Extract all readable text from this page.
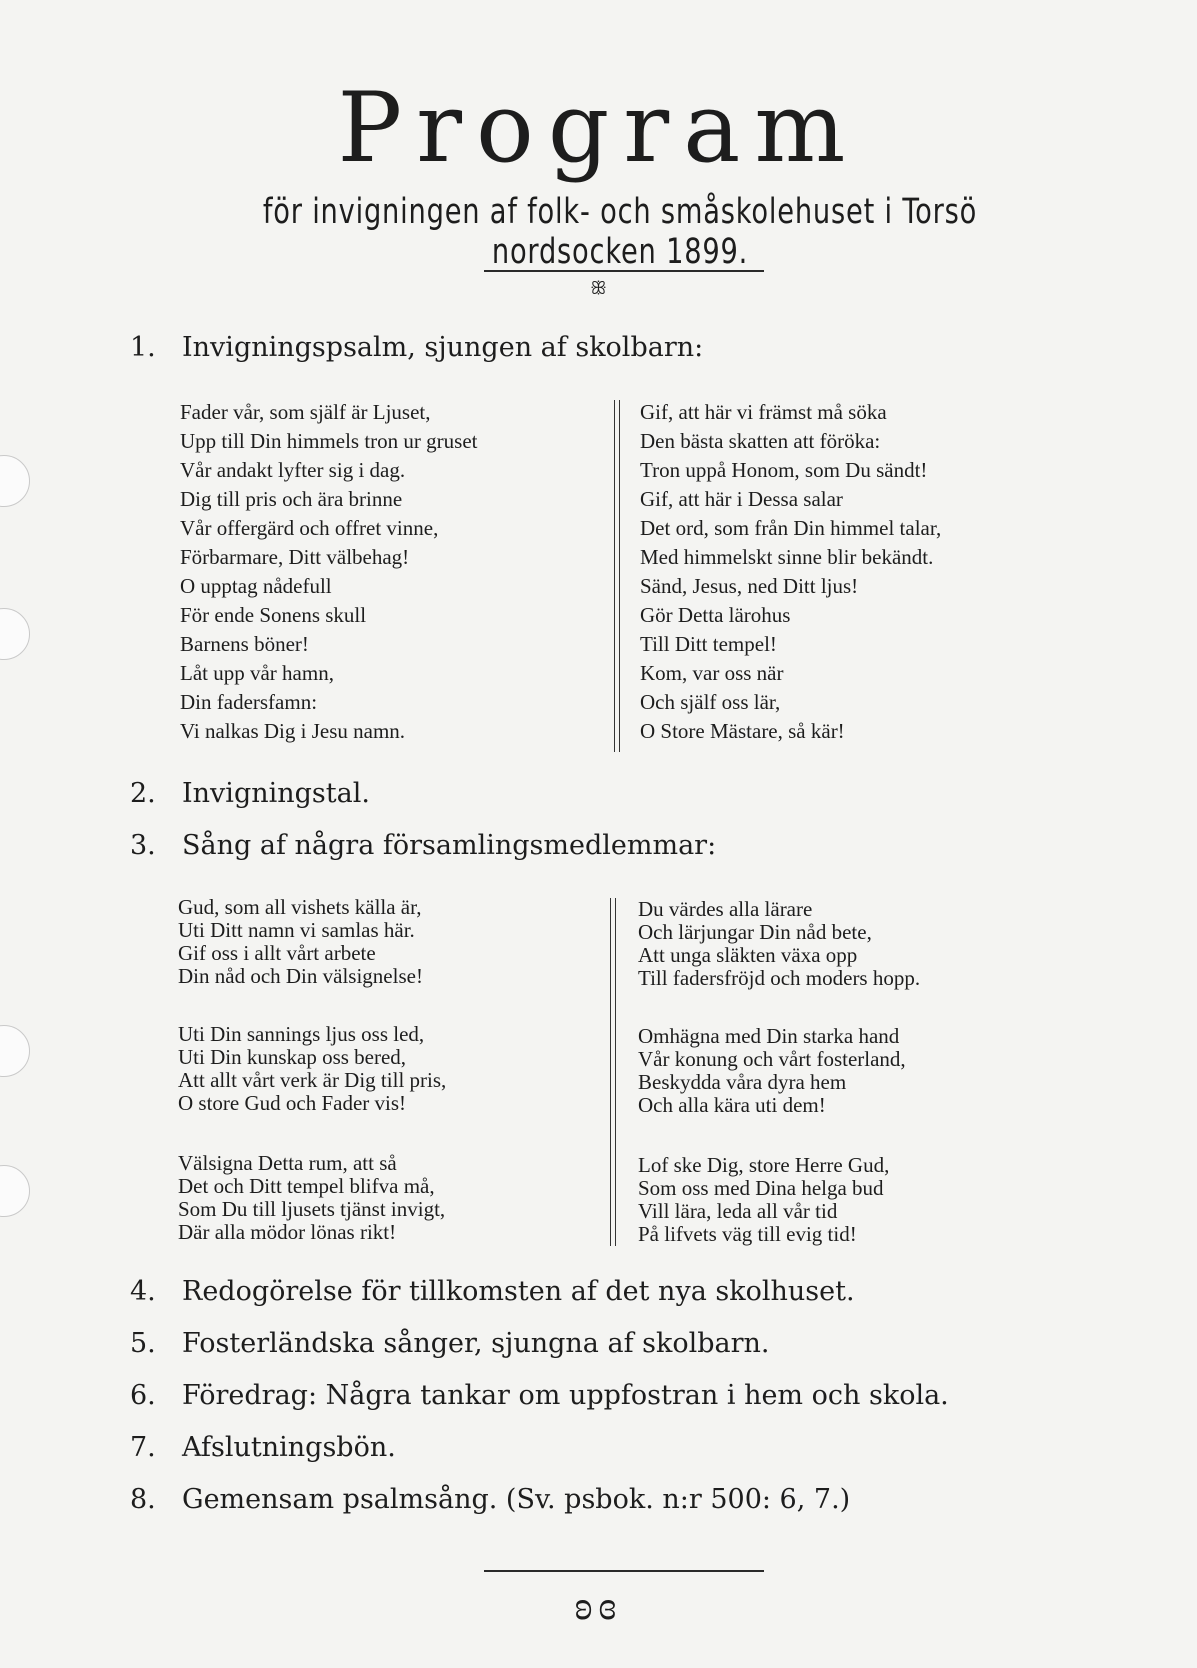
Program
för invigningen af folk- och småskolehuset i Torsö nordsocken 1899.
ꕥ
1. Invigningspsalm, sjungen af skolbarn:
Fader vår, som själf är Ljuset,
Upp till Din himmels tron ur gruset
Vår andakt lyfter sig i dag.
Dig till pris och ära brinne
Vår offergärd och offret vinne,
Förbarmare, Ditt välbehag!
O upptag nådefull
För ende Sonens skull
Barnens böner!
Låt upp vår hamn,
Din fadersfamn:
Vi nalkas Dig i Jesu namn.
Gif, att här vi främst må söka
Den bästa skatten att föröka:
Tron uppå Honom, som Du sändt!
Gif, att här i Dessa salar
Det ord, som från Din himmel talar,
Med himmelskt sinne blir bekändt.
Sänd, Jesus, ned Ditt ljus!
Gör Detta lärohus
Till Ditt tempel!
Kom, var oss när
Och själf oss lär,
O Store Mästare, så kär!
2. Invigningstal.
3. Sång af några församlingsmedlemmar:
Gud, som all vishets källa är,
Uti Ditt namn vi samlas här.
Gif oss i allt vårt arbete
Din nåd och Din välsignelse!
Uti Din sannings ljus oss led,
Uti Din kunskap oss bered,
Att allt vårt verk är Dig till pris,
O store Gud och Fader vis!
Välsigna Detta rum, att så
Det och Ditt tempel blifva må,
Som Du till ljusets tjänst invigt,
Där alla mödor lönas rikt!
Du värdes alla lärare
Och lärjungar Din nåd bete,
Att unga släkten växa opp
Till fadersfröjd och moders hopp.
Omhägna med Din starka hand
Vår konung och vårt fosterland,
Beskydda våra dyra hem
Och alla kära uti dem!
Lof ske Dig, store Herre Gud,
Som oss med Dina helga bud
Vill lära, leda all vår tid
På lifvets väg till evig tid!
4. Redogörelse för tillkomsten af det nya skolhuset.
5. Fosterländska sånger, sjungna af skolbarn.
6. Föredrag: Några tankar om uppfostran i hem och skola.
7. Afslutningsbön.
8. Gemensam psalmsång. (Sv. psbok. n:r 500: 6, 7.)
ʚɞ
